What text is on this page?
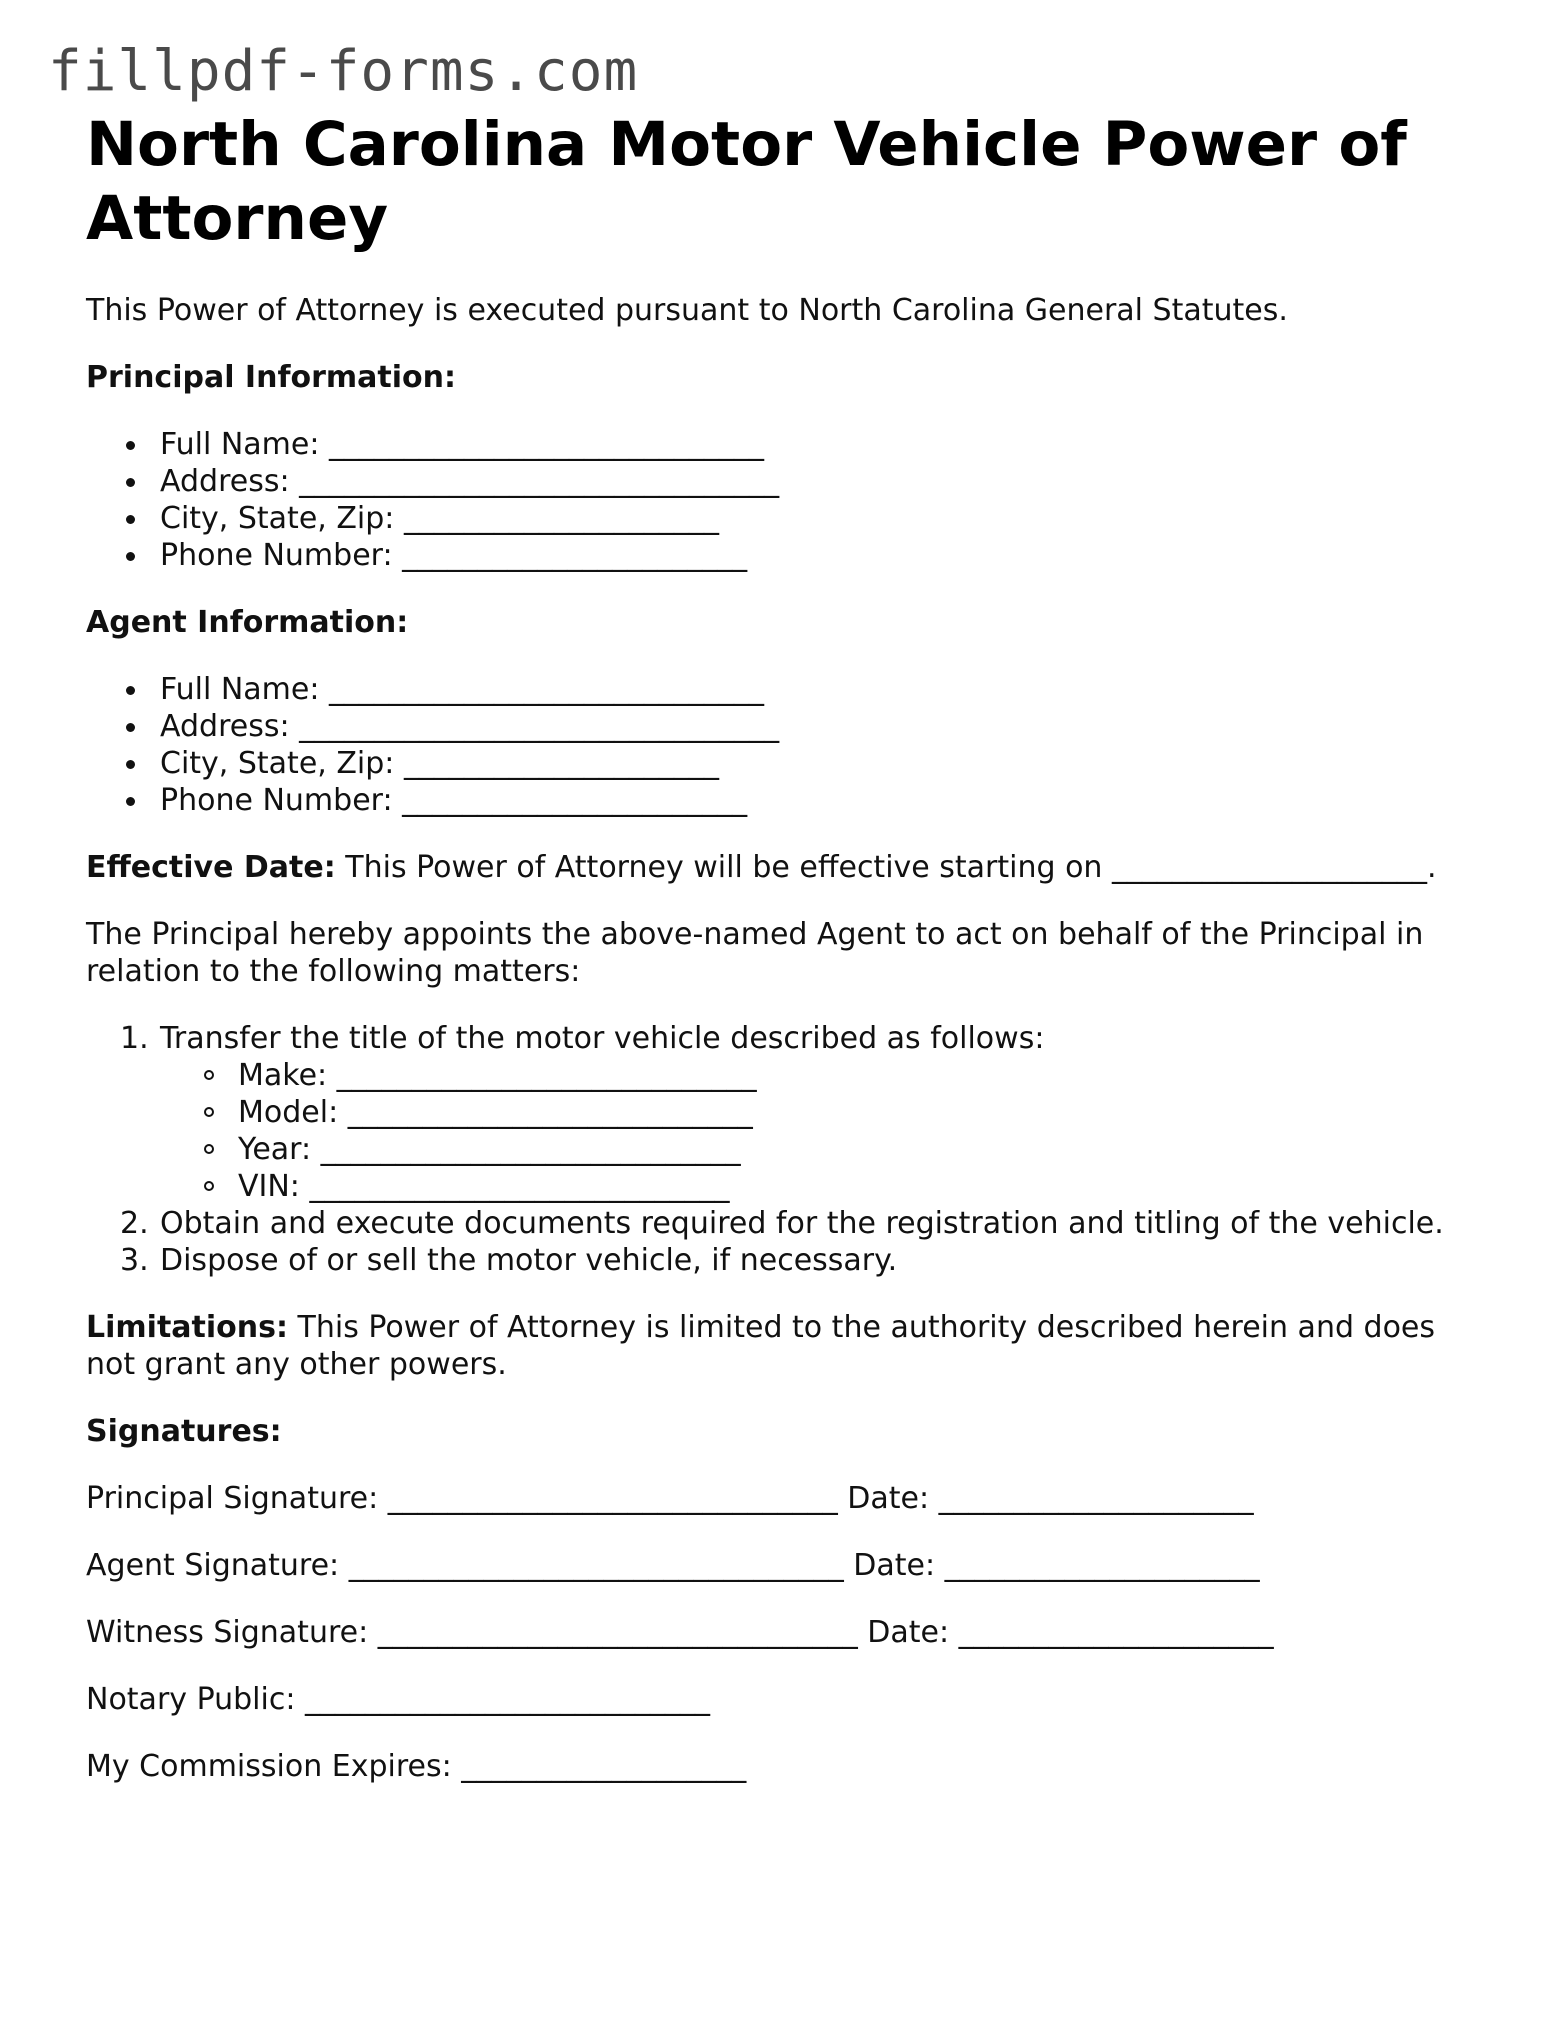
fillpdf-forms.com
North Carolina Motor Vehicle Power of Attorney

This Power of Attorney is executed pursuant to North Carolina General Statutes.

Principal Information:
Full Name: _____________________________
Address: ________________________________
City, State, Zip: _____________________
Phone Number: _______________________
Agent Information:
Full Name: _____________________________
Address: ________________________________
City, State, Zip: _____________________
Phone Number: _______________________

Effective Date: This Power of Attorney will be effective starting on _____________________.

The Principal hereby appoints the above-named Agent to act on behalf of the Principal in relation to the following matters:

1. Transfer the title of the motor vehicle described as follows:
Make: ____________________________
Model: ___________________________
Year: ____________________________
VIN: ____________________________
2. Obtain and execute documents required for the registration and titling of the vehicle.
3. Dispose of or sell the motor vehicle, if necessary.

Limitations: This Power of Attorney is limited to the authority described herein and does not grant any other powers.

Signatures:
Principal Signature: ______________________________ Date: _____________________
Agent Signature: _________________________________ Date: _____________________
Witness Signature: ________________________________ Date: _____________________
Notary Public: ___________________________
My Commission Expires: ___________________
